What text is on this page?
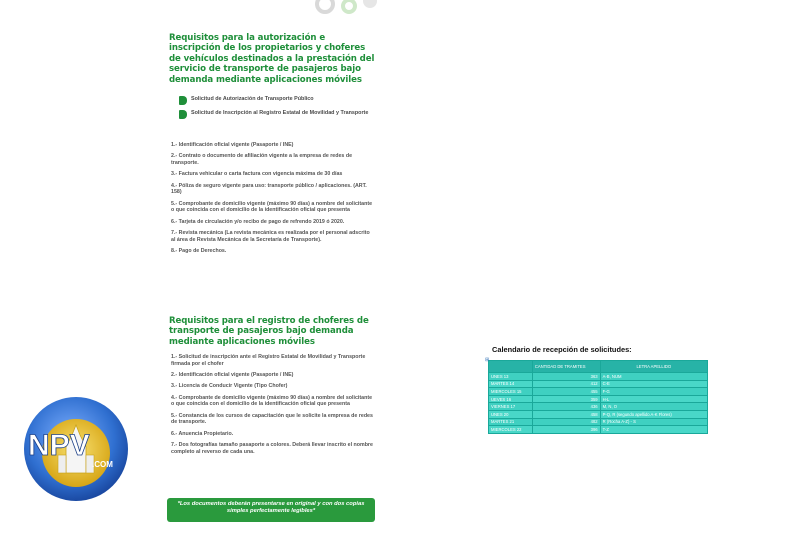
Requisitos para la autorización e inscripción de los propietarios y choferes de vehículos destinados a la prestación del servicio de transporte de pasajeros bajo demanda mediante aplicaciones móviles
Solicitud de Autorización de Transporte Público
Solicitud de Inscripción al Registro Estatal de Movilidad y Transporte
1.- Identificación oficial vigente (Pasaporte / INE)
2.- Contrato o documento de afiliación vigente a la empresa de redes de transporte.
3.- Factura vehicular o carta factura con vigencia máxima de 30 días
4.- Póliza de seguro vigente para uso: transporte público / aplicaciones. (ART. 158)
5.- Comprobante de domicilio vigente (máximo 90 días) a nombre del solicitante o que coincida con el domicilio de la identificación oficial que presenta
6.- Tarjeta de circulación y/o recibo de pago de refrendo 2019 ó 2020.
7.- Revista mecánica (La revista mecánica es realizada por el personal adscrito al área de Revista Mecánica de la Secretaría de Transporte).
8.- Pago de Derechos.
Requisitos para el registro de choferes de transporte de pasajeros bajo demanda mediante aplicaciones móviles
1.- Solicitud de inscripción ante el Registro Estatal de Movilidad y Transporte firmada por el chofer
2.- Identificación oficial vigente (Pasaporte / INE)
3.- Licencia de Conducir Vigente (Tipo Chofer)
4.- Comprobante de domicilio vigente (máximo 90 días) a nombre del solicitante o que coincida con el domicilio de la identificación oficial que presenta
5.- Constancia de los cursos de capacitación que le solicite la empresa de redes de transporte.
6.- Anuencia Propietario.
7.- Dos fotografías tamaño pasaporte a colores. Deberá llevar inscrito el nombre completo al reverso de cada una.
*Los documentos deberán presentarse en original y con dos copias simples perfectamente legibles*
NPV
.COM
Calendario de recepción de solicitudes:
⊞
	CANTIDAD DE TRAMITES	LETRA APELLIDO
UNES 13	363	A-B, NUM
MARTES 14	412	C-E
MIERCOLES 15	455	F-G
UEVES 16	359	H-L
VIERNES 17	436	M, N, O
UNES 20	458	P-Q, R (segundo apellido A-K Flores)
MARTES 21	482	R (Rocha A-Z) - S
MIERCOLES 22	396	T-Z
